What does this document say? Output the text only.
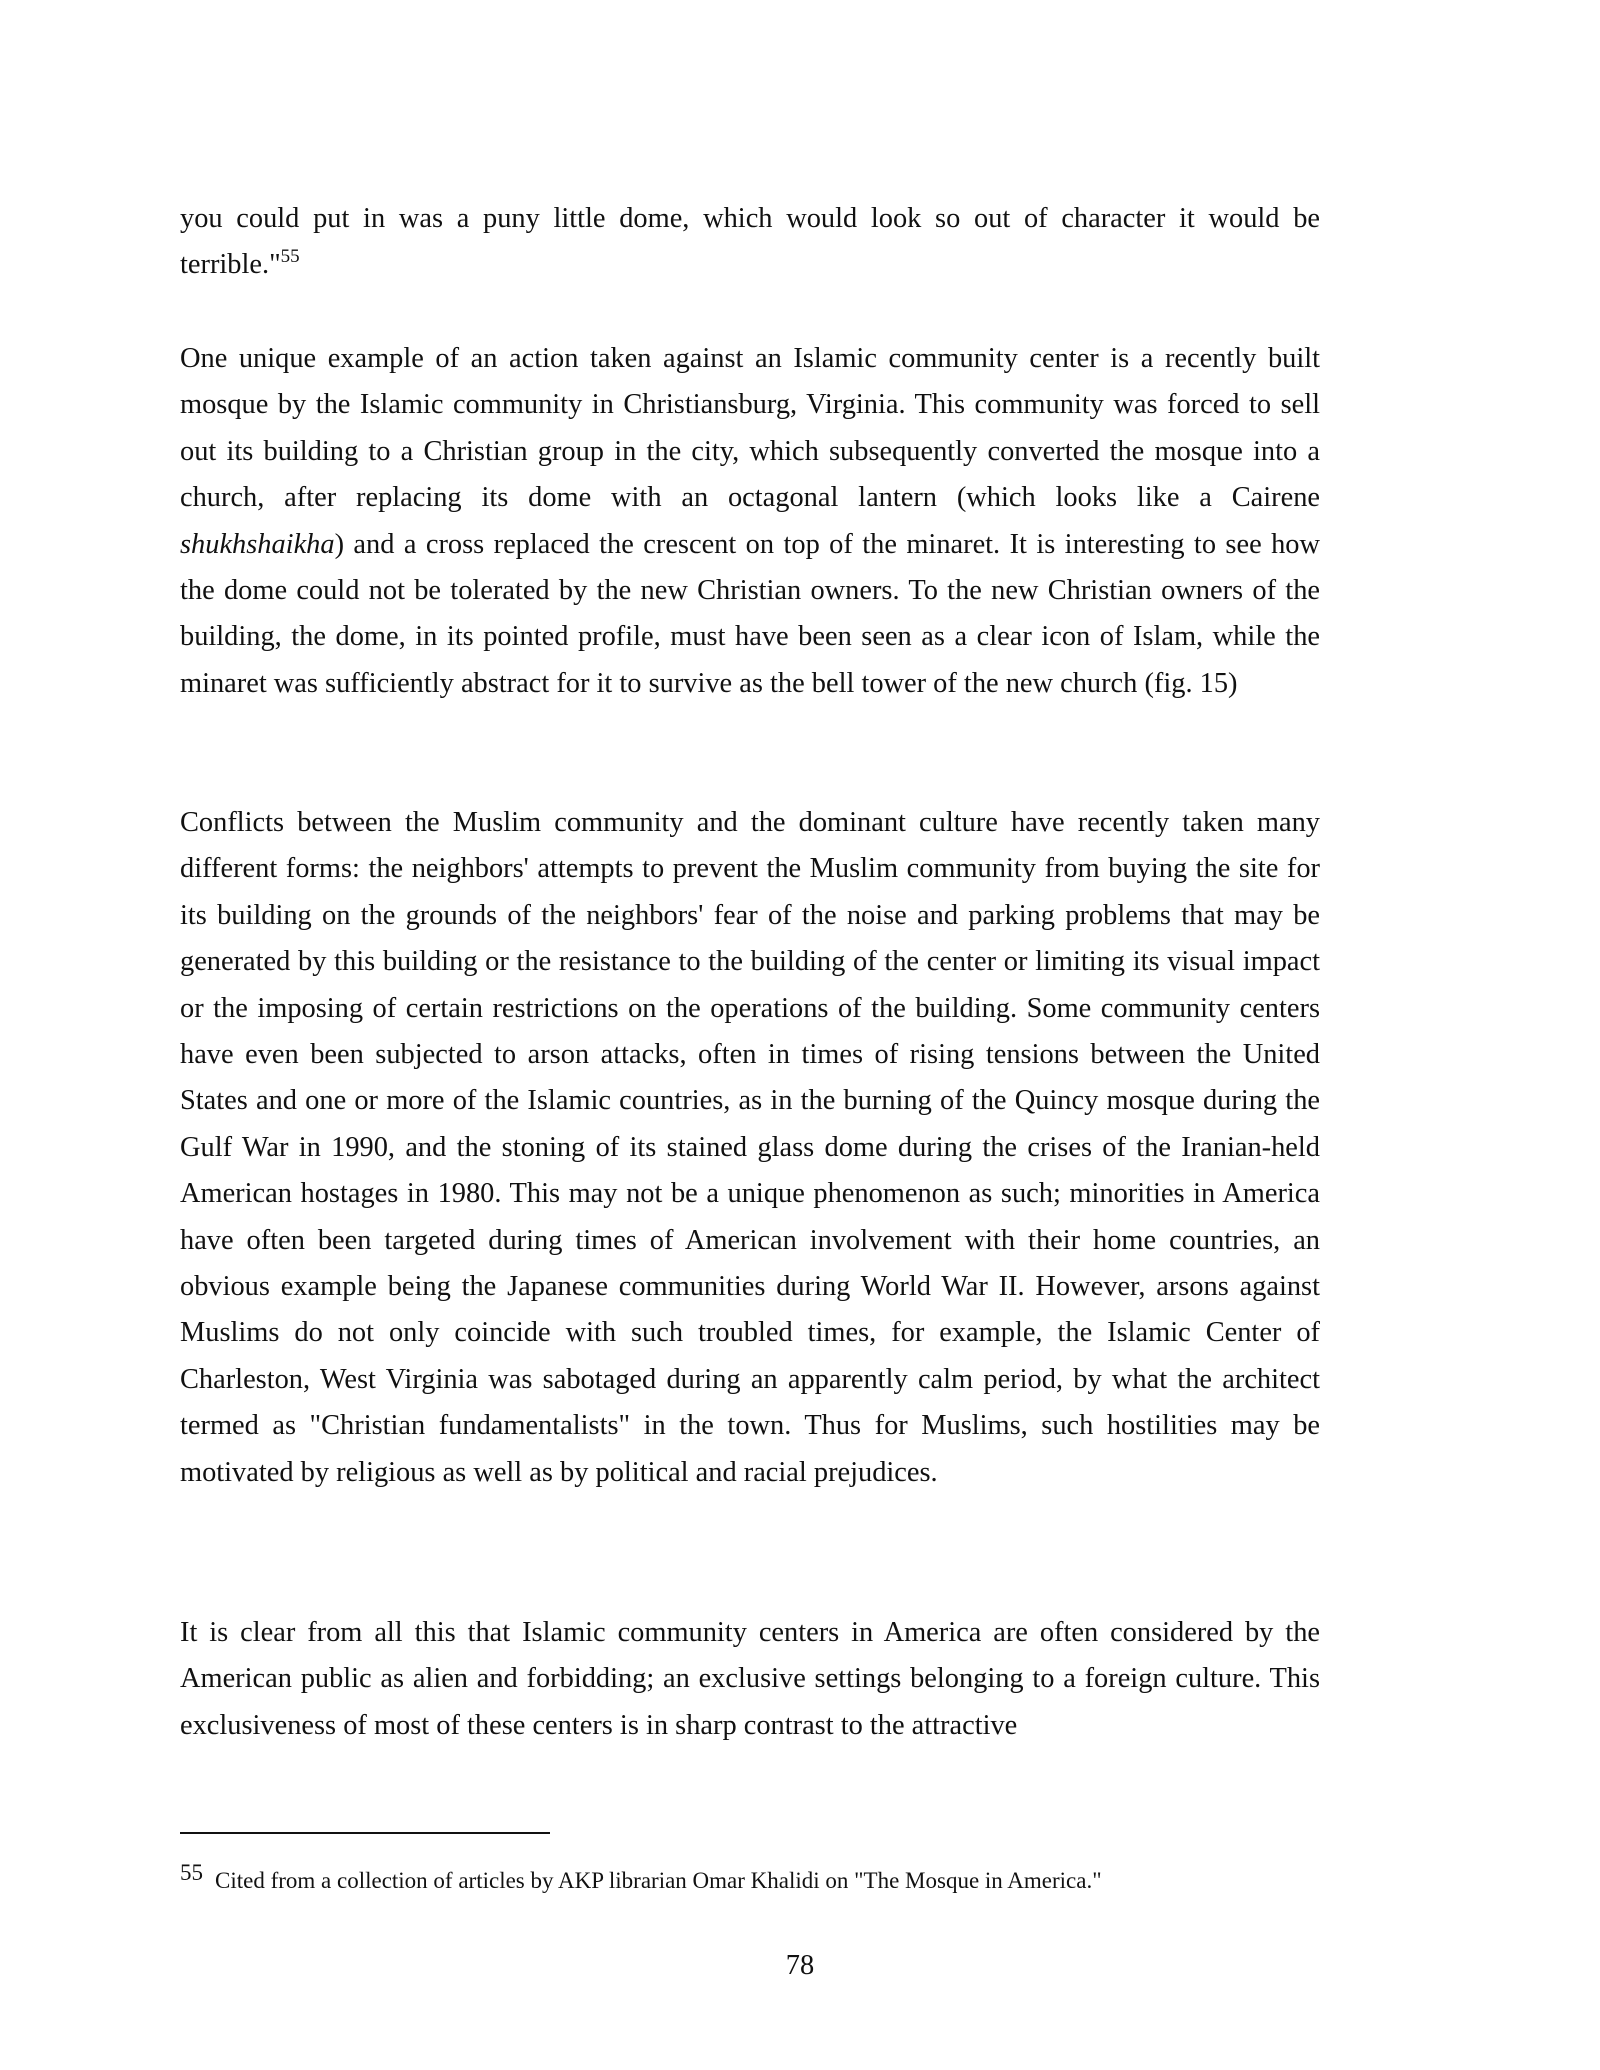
you could put in was a puny little dome, which would look so out of character it would be terrible."$^{55}$

One unique example of an action taken against an Islamic community center is a recently built mosque by the Islamic community in Christiansburg, Virginia. This community was forced to sell out its building to a Christian group in the city, which subsequently converted the mosque into a church, after replacing its dome with an octagonal lantern (which looks like a Cairene shukhshaikha) and a cross replaced the crescent on top of the minaret. It is interesting to see how the dome could not be tolerated by the new Christian owners. To the new Christian owners of the building, the dome, in its pointed profile, must have been seen as a clear icon of Islam, while the minaret was sufficiently abstract for it to survive as the bell tower of the new church (fig. 15)

Conflicts between the Muslim community and the dominant culture have recently taken many different forms: the neighbors' attempts to prevent the Muslim community from buying the site for its building on the grounds of the neighbors' fear of the noise and parking problems that may be generated by this building or the resistance to the building of the center or limiting its visual impact or the imposing of certain restrictions on the operations of the building. Some community centers have even been subjected to arson attacks, often in times of rising tensions between the United States and one or more of the Islamic countries, as in the burning of the Quincy mosque during the Gulf War in 1990, and the stoning of its stained glass dome during the crises of the Iranian-held American hostages in 1980. This may not be a unique phenomenon as such; minorities in America have often been targeted during times of American involvement with their home countries, an obvious example being the Japanese communities during World War II. However, arsons against Muslims do not only coincide with such troubled times, for example, the Islamic Center of Charleston, West Virginia was sabotaged during an apparently calm period, by what the architect termed as "Christian fundamentalists" in the town. Thus for Muslims, such hostilities may be motivated by religious as well as by political and racial prejudices.

It is clear from all this that Islamic community centers in America are often considered by the American public as alien and forbidding; an exclusive settings belonging to a foreign culture. This exclusiveness of most of these centers is in sharp contrast to the attractive

55 Cited from a collection of articles by AKP librarian Omar Khalidi on "The Mosque in America."

78
